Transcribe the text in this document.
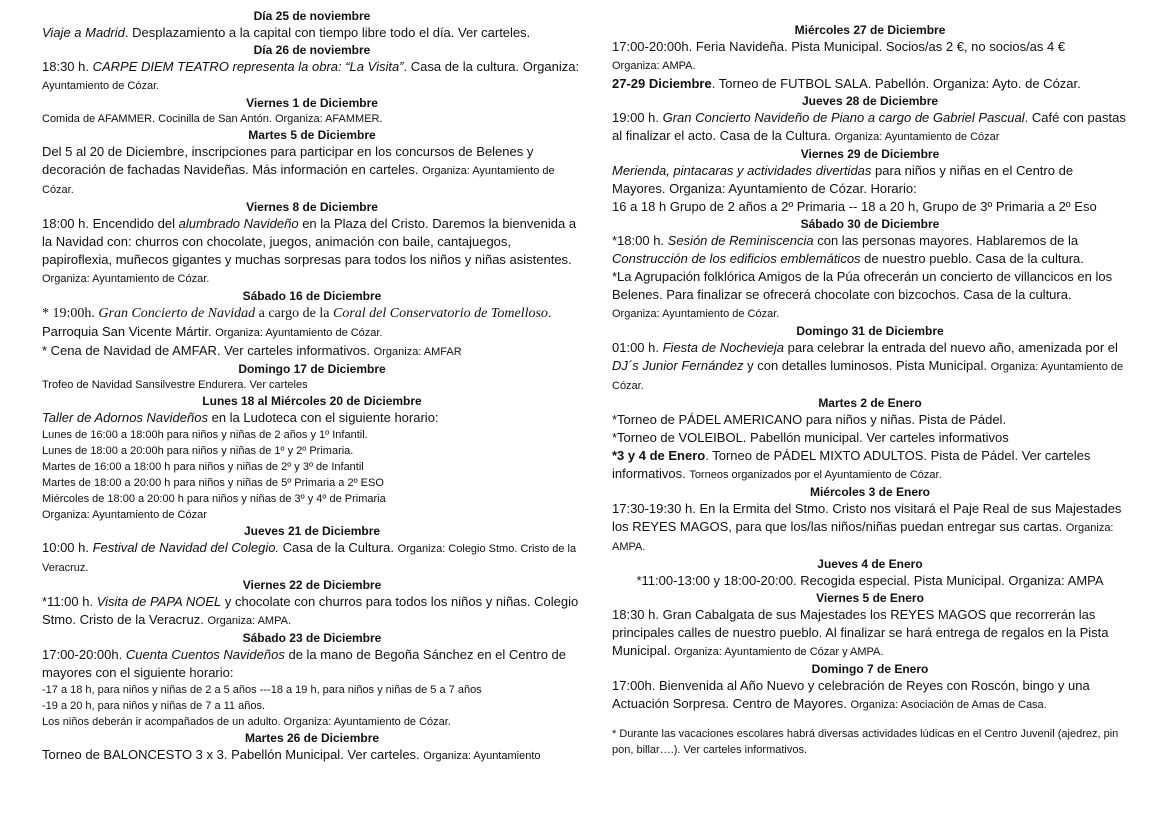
Día 25 de noviembre

Viaje a Madrid. Desplazamiento a la capital con tiempo libre todo el día. Ver carteles.

Día 26 de noviembre

18:30 h. CARPE DIEM TEATRO representa la obra: “La Visita”. Casa de la cultura. Organiza:
Ayuntamiento de Cózar.

Viernes 1 de Diciembre

Comida de AFAMMER. Cocinilla de San Antón. Organiza: AFAMMER.

Martes 5 de Diciembre

Del 5 al 20 de Diciembre, inscripciones para participar en los concursos de Belenes y decoración de fachadas Navideñas. Más información en carteles. Organiza: Ayuntamiento de Cózar.

Viernes 8 de Diciembre

18:00 h. Encendido del alumbrado Navideño en la Plaza del Cristo. Daremos la bienvenida a la Navidad con: churros con chocolate, juegos, animación con baile, cantajuegos, papiroflexia, muñecos gigantes y muchas sorpresas para todos los niños y niñas asistentes. Organiza: Ayuntamiento de Cózar.

Sábado 16 de Diciembre

* 19:00h. Gran Concierto de Navidad a cargo de la Coral del Conservatorio de Tomelloso. Parroquia San Vicente Mártir. Organiza: Ayuntamiento de Cózar.
* Cena de Navidad de AMFAR. Ver carteles informativos. Organiza: AMFAR

Domingo 17 de Diciembre

Trofeo de Navidad Sansilvestre Endurera. Ver carteles

Lunes 18 al Miércoles 20 de Diciembre

Taller de Adornos Navideños en la Ludoteca con el siguiente horario:

Lunes de 16:00 a 18:00h para niños y niñas de 2 años y 1º Infantil.

Lunes de 18:00 a 20:00h para niños y niñas de 1º y 2º Primaria.

Martes de 16:00 a 18:00 h para niños y niñas de 2º y 3º de Infantil

Martes de 18:00 a 20:00 h para niños y niñas de 5º Primaria a 2º ESO

Miércoles de 18:00 a 20:00 h para niños y niñas de 3º y 4º de Primaria

Organiza: Ayuntamiento de Cózar

Jueves 21 de Diciembre

10:00 h. Festival de Navidad del Colegio. Casa de la Cultura. Organiza: Colegio Stmo. Cristo de la Veracruz.

Viernes 22 de Diciembre

*11:00 h. Visita de PAPA NOEL y chocolate con churros para todos los niños y niñas. Colegio Stmo. Cristo de la Veracruz. Organiza: AMPA.

Sábado 23 de Diciembre

17:00-20:00h. Cuenta Cuentos Navideños de la mano de Begoña Sánchez en el Centro de mayores con el siguiente horario:

-17 a 18 h, para niños y niñas de 2 a 5 años ---18 a 19 h, para niños y niñas de 5 a 7 años

-19 a 20 h, para niños y niñas de 7 a 11 años.

Los niños deberán ir acompañados de un adulto. Organiza: Ayuntamiento de Cózar.

Martes 26 de Diciembre

Torneo de BALONCESTO 3 x 3. Pabellón Municipal. Ver carteles. Organiza: Ayuntamiento

Miércoles 27 de Diciembre

17:00-20:00h. Feria Navideña. Pista Municipal. Socios/as 2 €, no socios/as 4 €
Organiza: AMPA.
27-29 Diciembre. Torneo de FUTBOL SALA. Pabellón. Organiza: Ayto. de Cózar.

Jueves 28 de Diciembre

19:00 h. Gran Concierto Navideño de Piano a cargo de Gabriel Pascual. Café con pastas al finalizar el acto. Casa de la Cultura. Organiza: Ayuntamiento de Cózar

Viernes 29 de Diciembre

Merienda, pintacaras y actividades divertidas para niños y niñas en el Centro de Mayores. Organiza: Ayuntamiento de Cózar. Horario:
16 a 18 h Grupo de 2 años a 2º Primaria -- 18 a 20 h, Grupo de 3º Primaria a 2º Eso

Sábado 30 de Diciembre

*18:00 h. Sesión de Reminiscencia con las personas mayores. Hablaremos de la Construcción de los edificios emblemáticos de nuestro pueblo. Casa de la cultura.
*La Agrupación folklórica Amigos de la Púa ofrecerán un concierto de villancicos en los Belenes. Para finalizar se ofrecerá chocolate con bizcochos. Casa de la cultura.
Organiza: Ayuntamiento de Cózar.

Domingo 31 de Diciembre

01:00 h. Fiesta de Nochevieja para celebrar la entrada del nuevo año, amenizada por el DJ´s Junior Fernández y con detalles luminosos. Pista Municipal. Organiza: Ayuntamiento de Cózar.

Martes 2 de Enero

*Torneo de PÁDEL AMERICANO para niños y niñas. Pista de Pádel.
*Torneo de VOLEIBOL. Pabellón municipal. Ver carteles informativos
*3 y 4 de Enero. Torneo de PÁDEL MIXTO ADULTOS. Pista de Pádel. Ver carteles informativos. Torneos organizados por el Ayuntamiento de Cózar.

Miércoles 3 de Enero

17:30-19:30 h. En la Ermita del Stmo. Cristo nos visitará el Paje Real de sus Majestades los REYES MAGOS, para que los/las niños/niñas puedan entregar sus cartas. Organiza: AMPA.

Jueves 4 de Enero

*11:00-13:00 y 18:00-20:00. Recogida especial. Pista Municipal. Organiza: AMPA

Viernes 5 de Enero

18:30 h. Gran Cabalgata de sus Majestades los REYES MAGOS que recorrerán las principales calles de nuestro pueblo. Al finalizar se hará entrega de regalos en la Pista Municipal. Organiza: Ayuntamiento de Cózar y AMPA.

Domingo 7 de Enero

17:00h. Bienvenida al Año Nuevo y celebración de Reyes con Roscón, bingo y una Actuación Sorpresa. Centro de Mayores. Organiza: Asociación de Amas de Casa.

* Durante las vacaciones escolares habrá diversas actividades lúdicas en el Centro Juvenil (ajedrez, pin pon, billar….). Ver carteles informativos.
